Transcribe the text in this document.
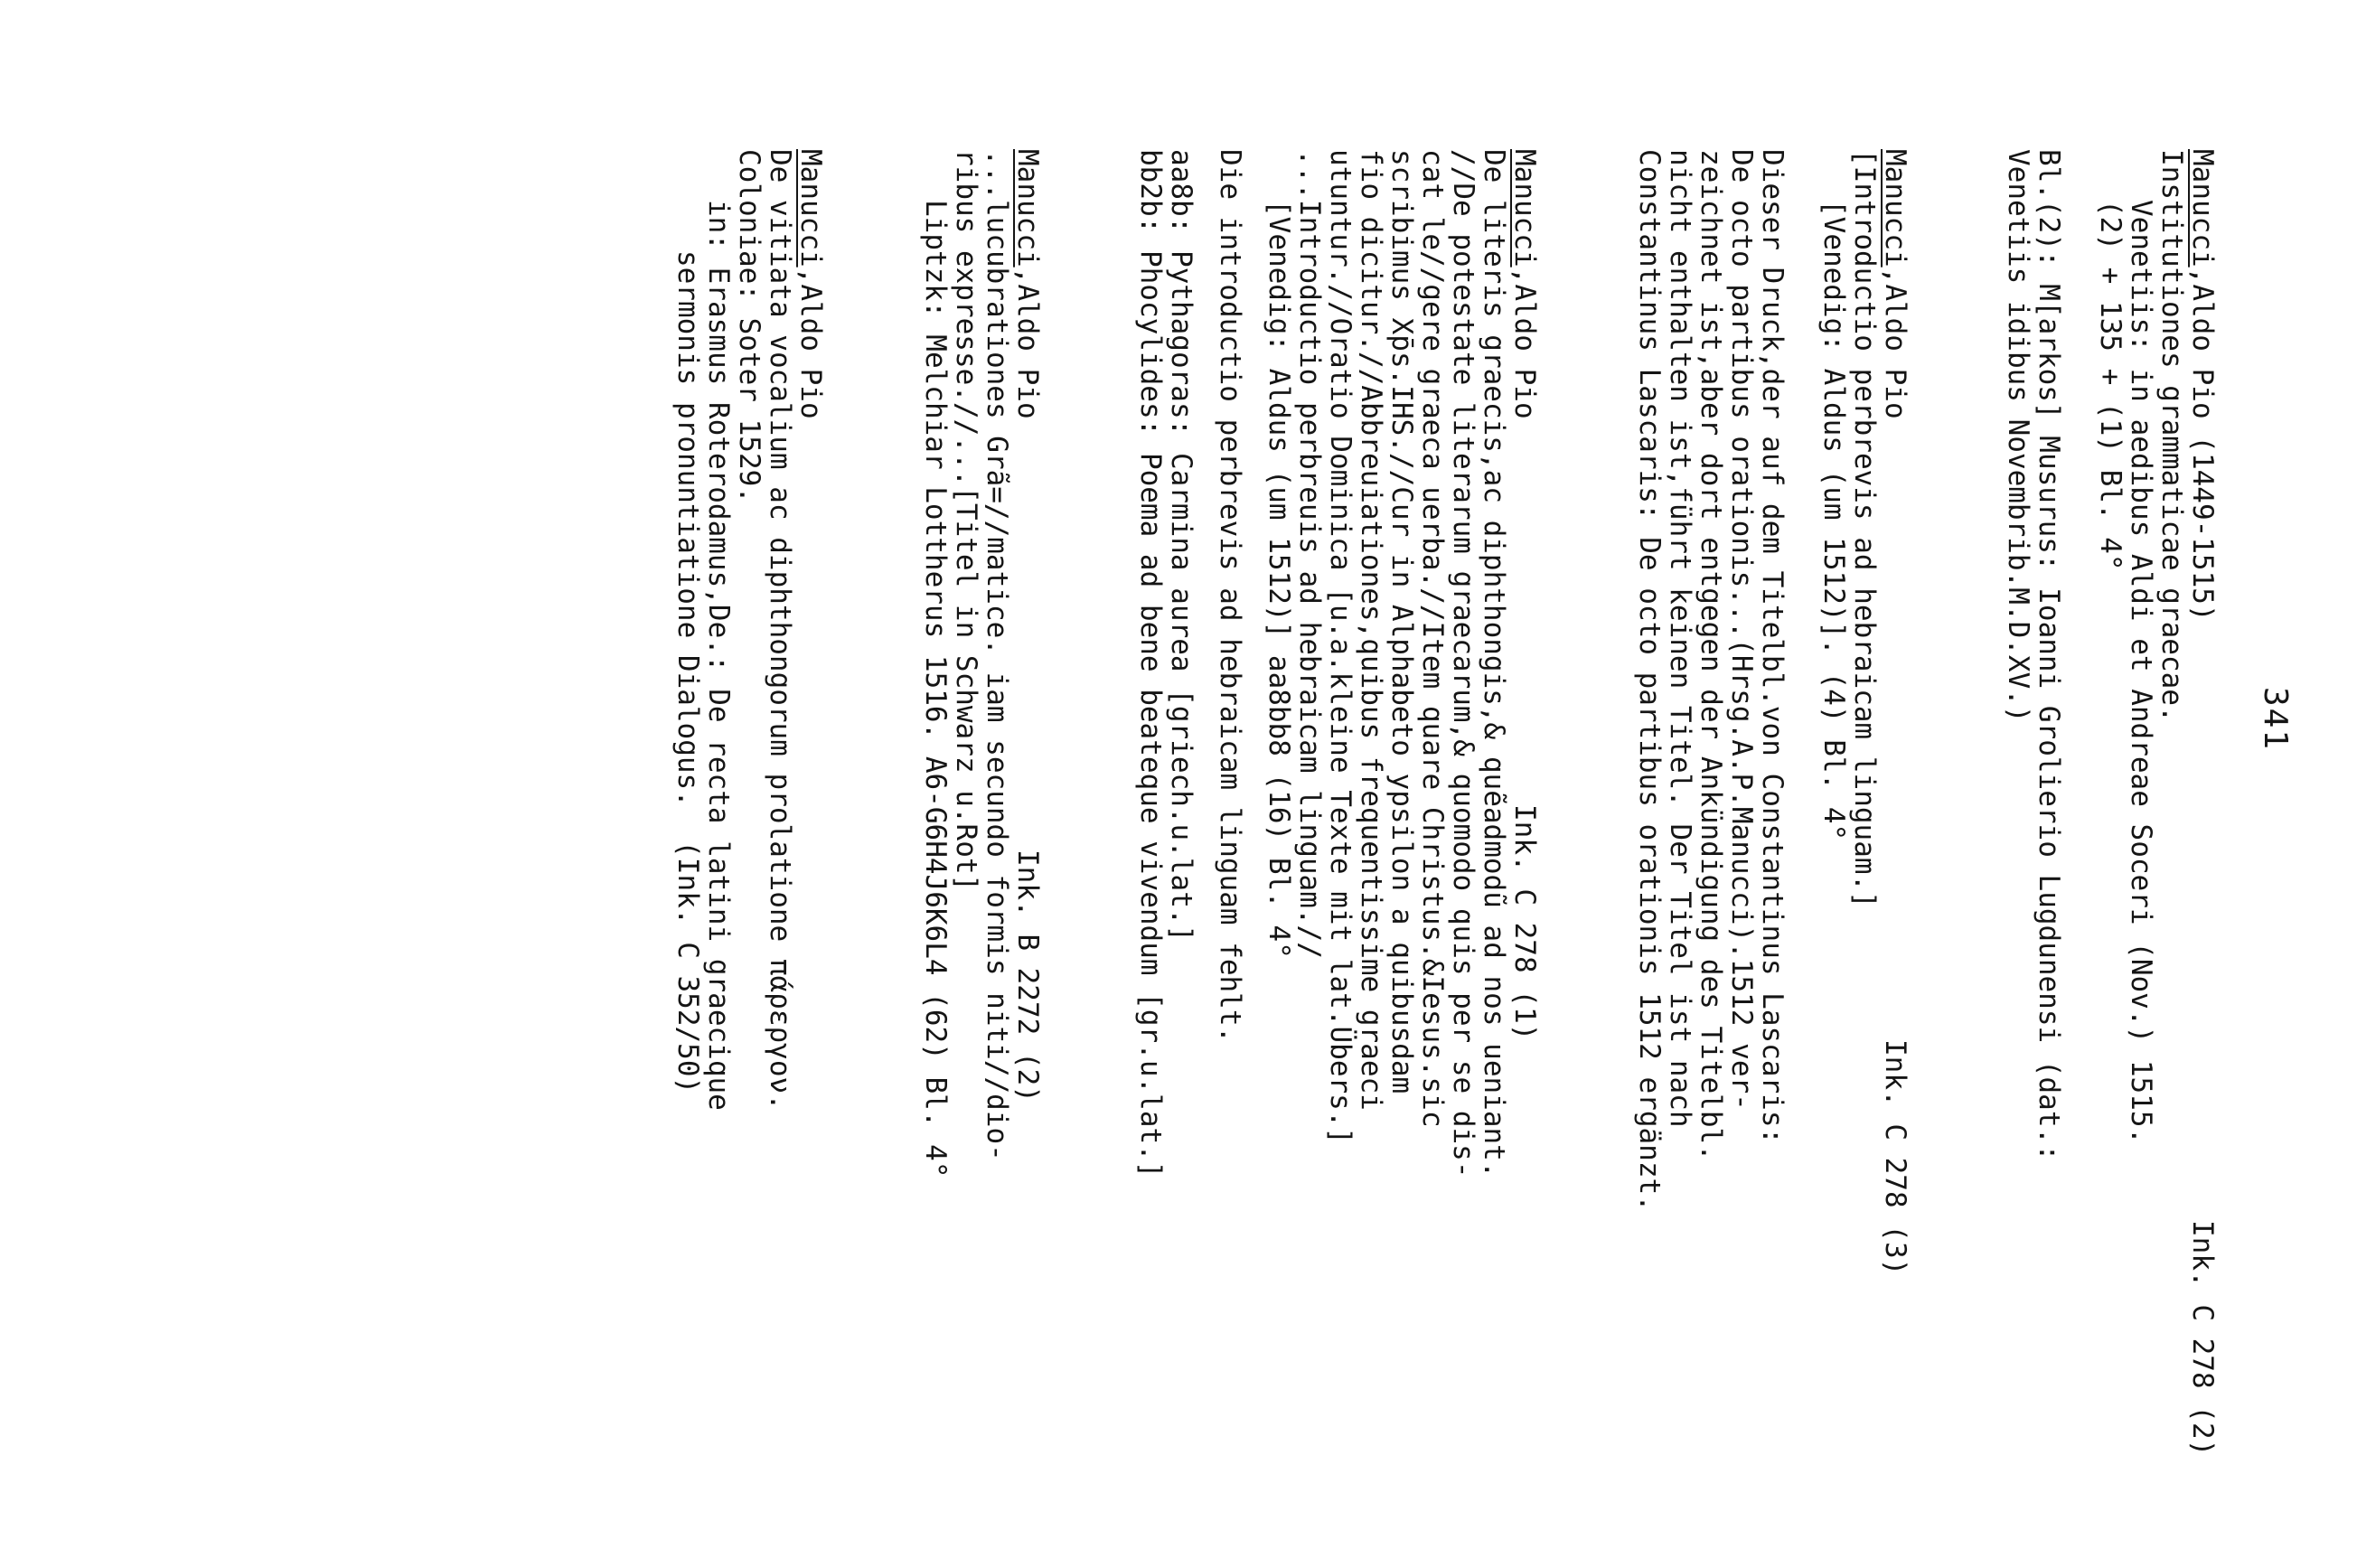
341
Manucci,Aldo Pio (1449-1515)
Ink. C 278 (2)
Institutiones grammaticae graecae.
Venetiis: in aedibus Aldi et Andreae Soceri (Nov.) 1515.
(2) + 135 + (1) Bl. 4°
Bl.(2): M[arkos] Musurus: Ioanni Grolierio Lugdunensi (dat.:
Venetiis idibus Novembrib.M.D.XV.)
Manucci,Aldo Pio
Ink. C 278 (3)
[Introductio perbrevis ad hebraicam linguam.]
[Venedig: Aldus (um 1512)]. (4) Bl. 4°
Dieser Druck,der auf dem Titelbl.von Constantinus Lascaris:
De octo partibus orationis...(Hrsg.A.P.Manucci).1512 ver-
zeichnet ist,aber dort entgegen der Ankündigung des Titelbl.
nicht enthalten ist,führt keinen Titel. Der Titel ist nach
Constantinus Lascaris: De octo partibus orationis 1512 ergänzt.
Manucci,Aldo Pio
Ink. C 278 (1)
De literis graecis,ac diphthongis,& quẽadmodũ ad nos ueniant.
//De potestate literarum graecarum,& quomodo quis per se dis-
cat le//gere graeca uerba.//Item quare Christus.&Iesus.sic
scribimus Xp̄s.IHS.//Cur in Alphabeto ypsilon a quibusdam
fio dicitur.//Abbreuiationes,quibus frequentissime graeci
utuntur.//Oratio Dominica [u.a.kleine Texte mit lat.Übers.]
...Introductio perbreuis ad hebraicam linguam.//
[Venedig: Aldus (um 1512)] aa8bb8 (16) Bl. 4°
Die introductio perbrevis ad hebraicam linguam fehlt.
aa8b: Pythagoras: Carmina aurea [griech.u.lat.]
bb2b: Phocylides: Poema ad bene beateque vivendum [gr.u.lat.]
Manucci,Aldo Pio
Ink. B 2272 (2)
...lucubrationes Grã=//matice. iam secundo formis niti//dio-
ribus expresse.//...[Titel in Schwarz u.Rot]
Liptzk: Melchiar Lottherus 1516. A6-G6H4J6K6L4 (62) Bl. 4°
Manucci,Aldo Pio
De vitiata vocalium ac diphthongorum prolatione πάρεργον.
Coloniae: Soter 1529.
in: Erasmus Roterodamus,De.: De recta latini graecique
sermonis pronuntiatione Dialogus.  (Ink. C 352/50)
